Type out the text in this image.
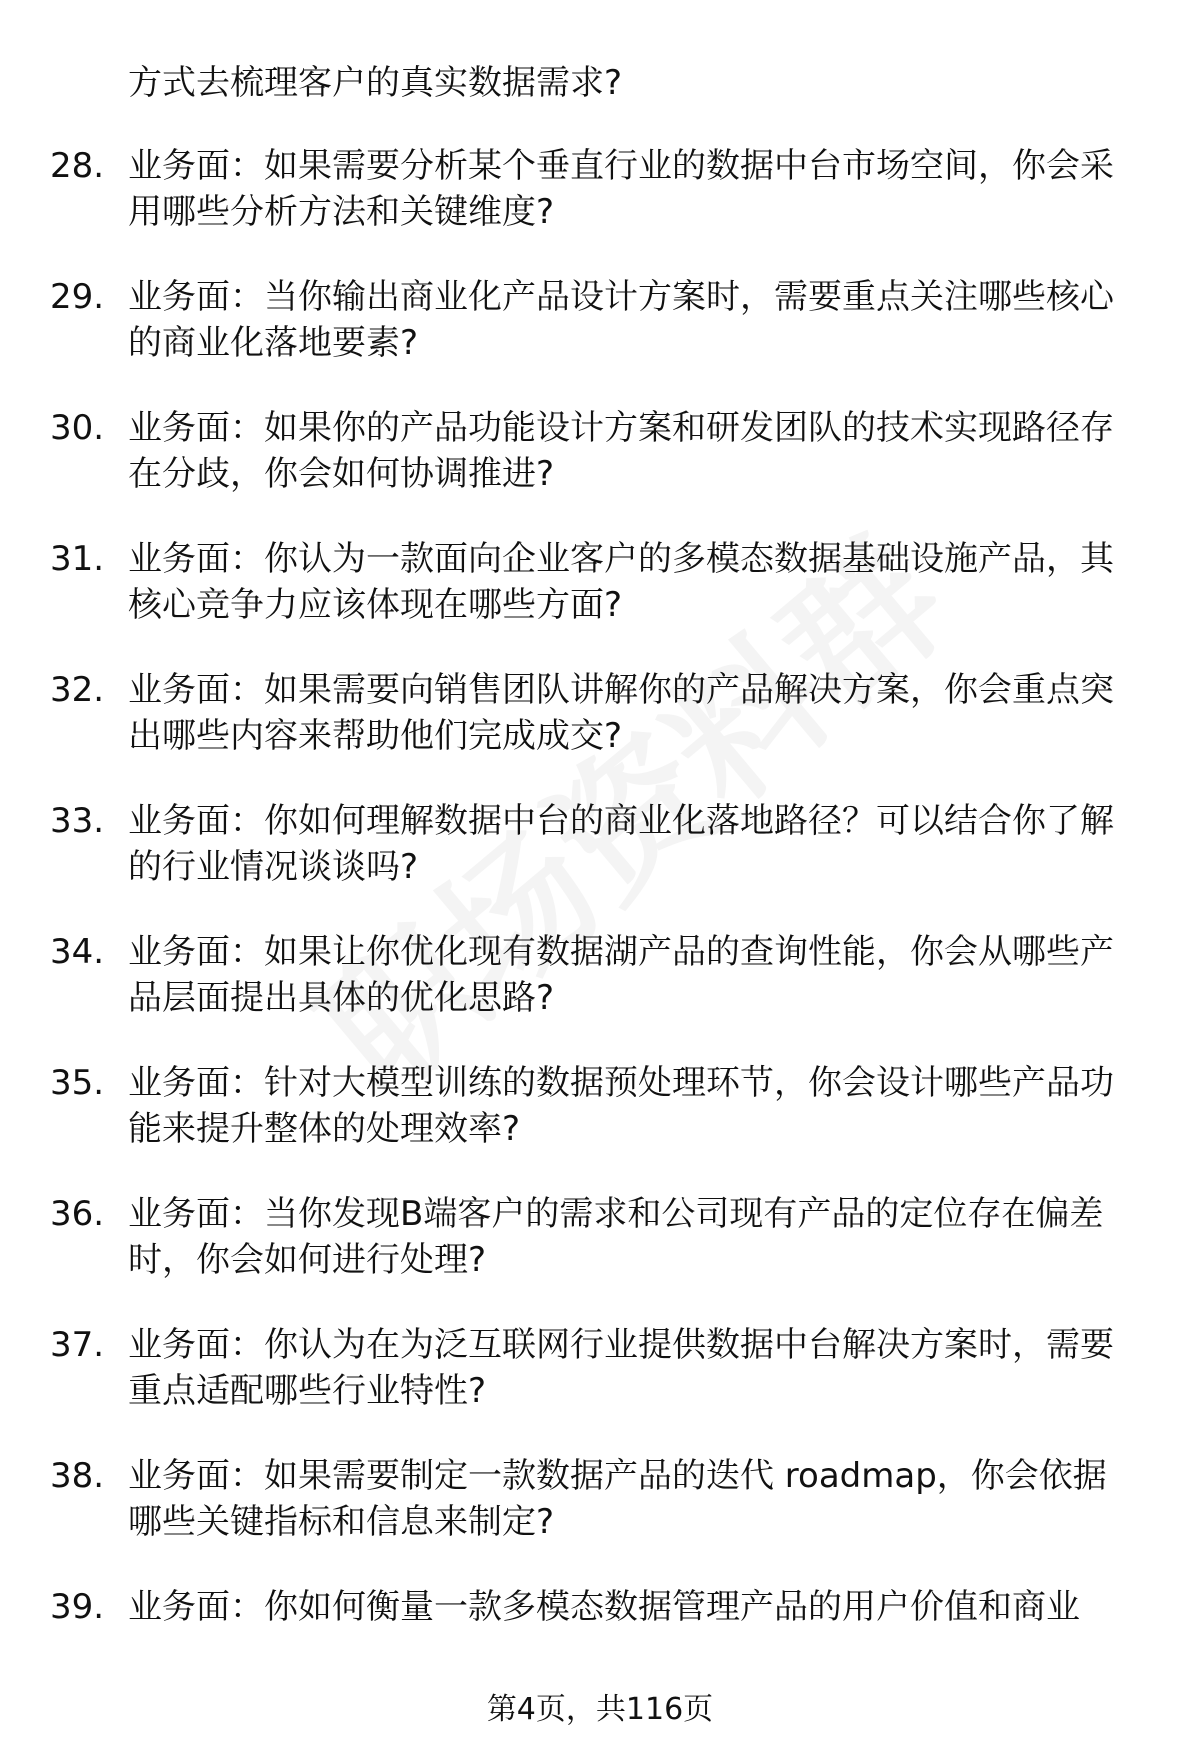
方式去梳理客户的真实数据需求?
28. 业务面：如果需要分析某个垂直行业的数据中台市场空间，你会采用哪些分析方法和关键维度?
29. 业务面：当你输出商业化产品设计方案时，需要重点关注哪些核心的商业化落地要素?
30. 业务面：如果你的产品功能设计方案和研发团队的技术实现路径存在分歧，你会如何协调推进?
31. 业务面：你认为一款面向企业客户的多模态数据基础设施产品，其核心竞争力应该体现在哪些方面?
32. 业务面：如果需要向销售团队讲解你的产品解决方案，你会重点突出哪些内容来帮助他们完成成交?
33. 业务面：你如何理解数据中台的商业化落地路径？可以结合你了解的行业情况谈谈吗?
34. 业务面：如果让你优化现有数据湖产品的查询性能，你会从哪些产品层面提出具体的优化思路?
35. 业务面：针对大模型训练的数据预处理环节，你会设计哪些产品功能来提升整体的处理效率?
36. 业务面：当你发现B端客户的需求和公司现有产品的定位存在偏差时，你会如何进行处理?
37. 业务面：你认为在为泛互联网行业提供数据中台解决方案时，需要重点适配哪些行业特性?
38. 业务面：如果需要制定一款数据产品的迭代 roadmap，你会依据哪些关键指标和信息来制定?
39. 业务面：你如何衡量一款多模态数据管理产品的用户价值和商业
第4页，共116页
